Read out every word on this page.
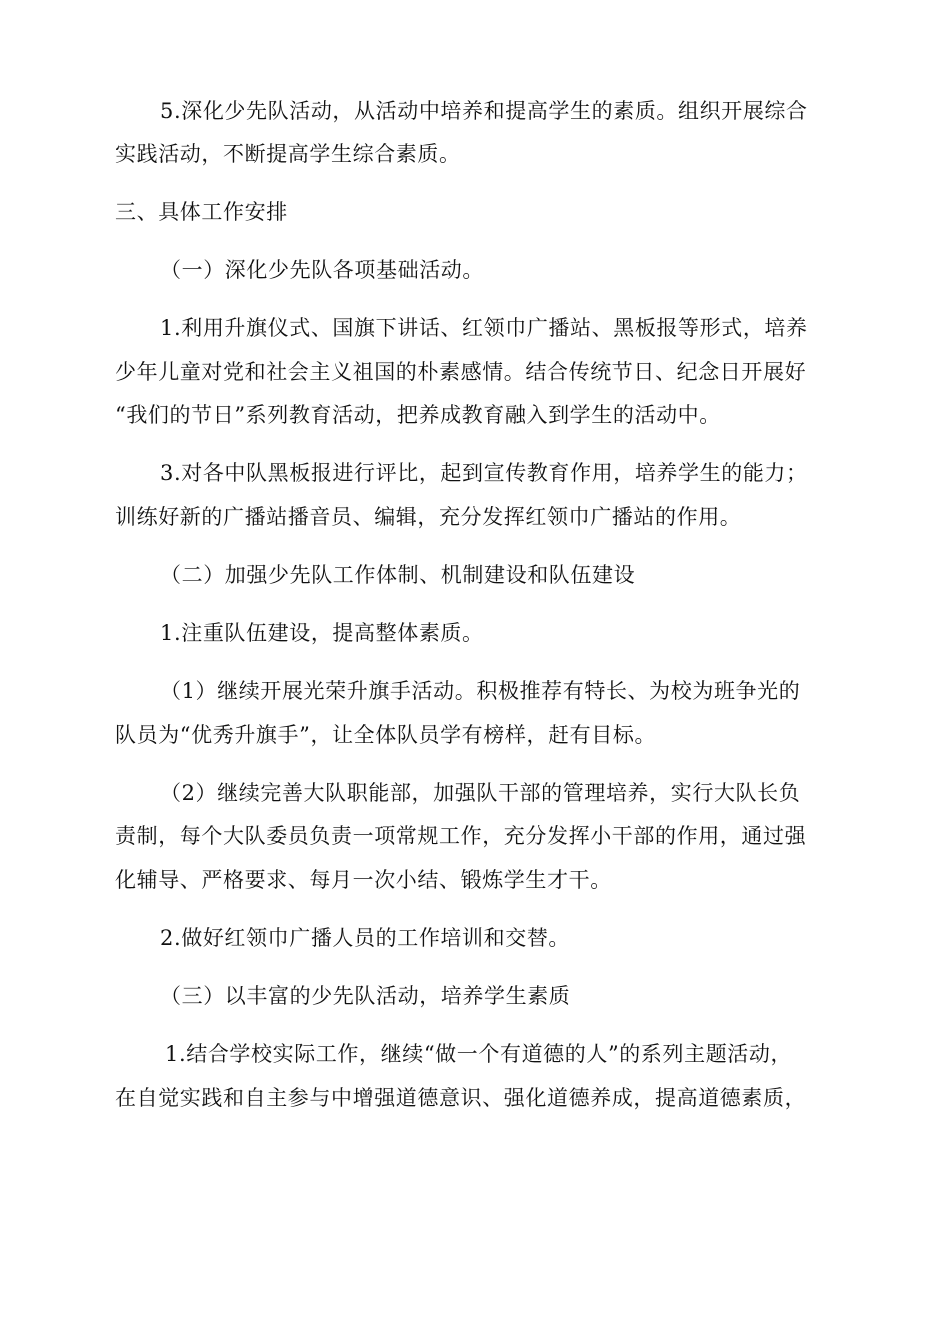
5.深化少先队活动，从活动中培养和提高学生的素质。组织开展综合
实践活动，不断提高学生综合素质。
三、具体工作安排
（一）深化少先队各项基础活动。
1.利用升旗仪式、国旗下讲话、红领巾广播站、黑板报等形式，培养
少年儿童对党和社会主义祖国的朴素感情。结合传统节日、纪念日开展好
“我们的节日”系列教育活动，把养成教育融入到学生的活动中。
3.对各中队黑板报进行评比，起到宣传教育作用，培养学生的能力；
训练好新的广播站播音员、编辑，充分发挥红领巾广播站的作用。
（二）加强少先队工作体制、机制建设和队伍建设
1.注重队伍建设，提高整体素质。
（1）继续开展光荣升旗手活动。积极推荐有特长、为校为班争光的
队员为“优秀升旗手”，让全体队员学有榜样，赶有目标。
（2）继续完善大队职能部，加强队干部的管理培养，实行大队长负
责制，每个大队委员负责一项常规工作，充分发挥小干部的作用，通过强
化辅导、严格要求、每月一次小结、锻炼学生才干。
2.做好红领巾广播人员的工作培训和交替。
（三）以丰富的少先队活动，培养学生素质
1.结合学校实际工作，继续“做一个有道德的人”的系列主题活动，
在自觉实践和自主参与中增强道德意识、强化道德养成，提高道德素质，
